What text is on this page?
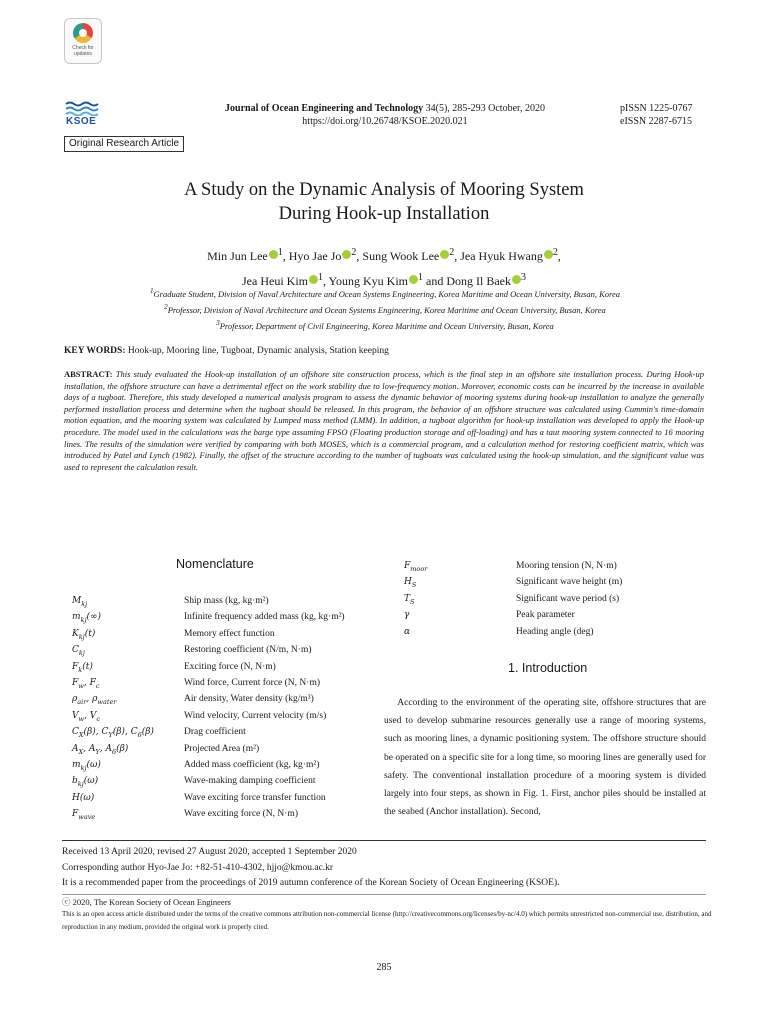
Check for updates
KSOE
Original Research Article
Journal of Ocean Engineering and Technology 34(5), 285-293 October, 2020
https://doi.org/10.26748/KSOE.2020.021
pISSN 1225-0767
eISSN 2287-6715
A Study on the Dynamic Analysis of Mooring System
During Hook-up Installation
Min Jun Lee $^1$, Hyo Jae Jo $^2$, Sung Wook Lee $^2$, Jea Hyuk Hwang $^2$,
Jea Heui Kim $^1$, Young Kyu Kim $^1$ and Dong Il Baek $^3$
$^1$Graduate Student, Division of Naval Architecture and Ocean Systems Engineering, Korea Maritime and Ocean University, Busan, Korea
$^2$Professor, Division of Naval Architecture and Ocean Systems Engineering, Korea Maritime and Ocean University, Busan, Korea
$^3$Professor, Department of Civil Engineering, Korea Maritime and Ocean University, Busan, Korea
KEY WORDS: Hook-up, Mooring line, Tugboat, Dynamic analysis, Station keeping
ABSTRACT: This study evaluated the Hook-up installation of an offshore site construction process, which is the final step in an offshore site installation process. During Hook-up installation, the offshore structure can have a detrimental effect on the work stability due to low-frequency motion. Moreover, economic costs can be incurred by the increase in available days of a tugboat. Therefore, this study developed a numerical analysis program to assess the dynamic behavior of mooring systems during hook-up installation to analyze the generally performed installation process and determine when the tugboat should be released. In this program, the behavior of an offshore structure was calculated using Cummin's time-domain motion equation, and the mooring system was calculated by Lumped mass method (LMM). In addition, a tugboat algorithm for hook-up installation was developed to apply the Hook-up procedure. The model used in the calculations was the barge type assuming FPSO (Floating production storage and off-loading) and has a taut mooring system connected to 16 mooring lines. The results of the simulation were verified by comparing with both MOSES, which is a commercial program, and a calculation method for restoring coefficient matrix, which was introduced by Patel and Lynch (1982). Finally, the offset of the structure according to the number of tugboats was calculated using the hook-up simulation, and the significant value was used to represent the calculation result.
Nomenclature
$M_{kj}$	Ship mass (kg, kg·m²)
$m_{kj}(\infty)$	Infinite frequency added mass (kg, kg·m²)
$K_{kj}(t)$	Memory effect function
$C_{kj}$	Restoring coefficient (N/m, N·m)
$F_k(t)$	Exciting force (N, N·m)
$F_w$, $F_c$	Wind force, Current force (N, N·m)
$\rho_{air}$, $\rho_{water}$	Air density, Water density (kg/m³)
$V_w$, $V_c$	Wind velocity, Current velocity (m/s)
$C_X(\beta)$, $C_Y(\beta)$, $C_6(\beta)$	Drag coefficient
$A_X$, $A_Y$, $A_6(\beta)$	Projected Area (m²)
$m_{kj}(\omega)$	Added mass coefficient (kg, kg·m²)
$b_{kj}(\omega)$	Wave-making damping coefficient
H(ω)	Wave exciting force transfer function
$F_{wave}$	Wave exciting force (N, N·m)
$F_{moor}$	Mooring tension (N, N·m)
$H_S$	Significant wave height (m)
$T_S$	Significant wave period (s)
γ	Peak parameter
α	Heading angle (deg)
1. Introduction
According to the environment of the operating site, offshore structures that are used to develop submarine resources generally use a range of mooring systems, such as mooring lines, a dynamic positioning system. The offshore structure should be operated on a specific site for a long time, so mooring lines are generally used for safety. The conventional installation procedure of a mooring system is divided largely into four steps, as shown in Fig. 1. First, anchor piles should be installed at the seabed (Anchor installation). Second,
Received 13 April 2020, revised 27 August 2020, accepted 1 September 2020
Corresponding author Hyo-Jae Jo: +82-51-410-4302, hjjo@kmou.ac.kr
It is a recommended paper from the proceedings of 2019 autumn conference of the Korean Society of Ocean Engineering (KSOE).
ⓒ 2020, The Korean Society of Ocean Engineers
This is an open access article distributed under the terms of the creative commons attribution non-commercial license (http://creativecommons.org/licenses/by-nc/4.0) which permits unrestricted non-commercial use, distribution, and reproduction in any medium, provided the original work is properly cited.
285
